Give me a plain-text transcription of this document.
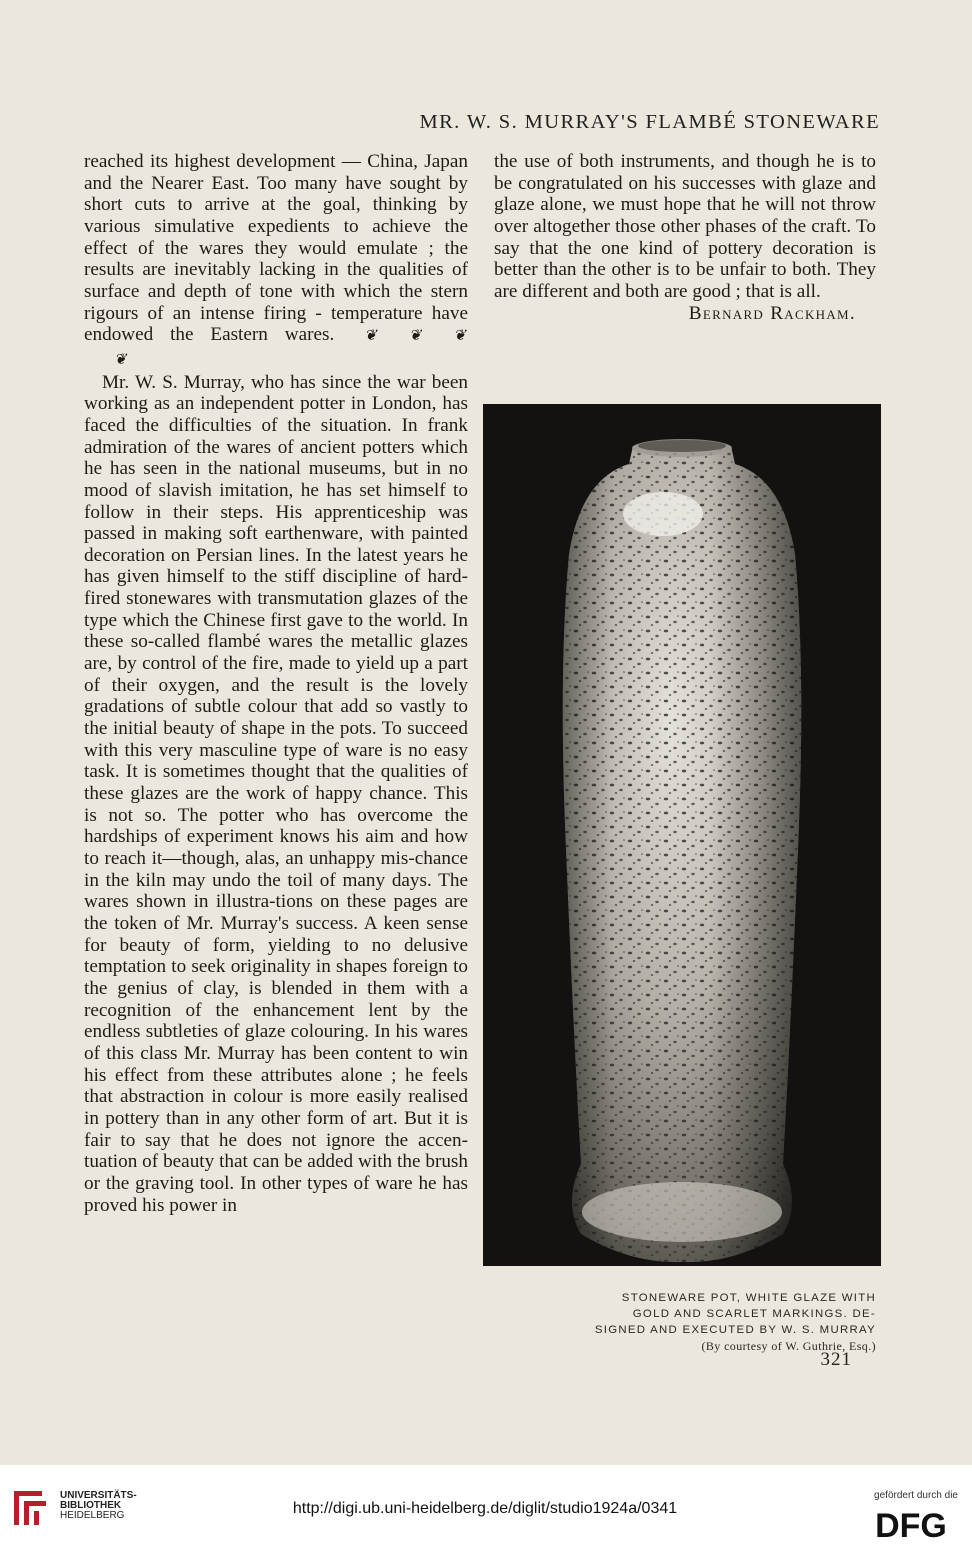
MR. W. S. MURRAY'S FLAMBÉ STONEWARE

reached its highest development — China, Japan and the Nearer East. Too many have sought by short cuts to arrive at the goal, thinking by various simulative expedients to achieve the effect of the wares they would emulate ; the results are inevitably lacking in the qualities of surface and depth of tone with which the stern rigours of an intense firing - temperature have endowed the Eastern wares. ❦ ❦ ❦❦

Mr. W. S. Murray, who has since the war been working as an independent potter in London, has faced the difficulties of the situation. In frank admiration of the wares of ancient potters which he has seen in the national museums, but in no mood of slavish imitation, he has set himself to follow in their steps. His apprenticeship was passed in making soft earthenware, with painted decoration on Persian lines. In the latest years he has given himself to the stiff discipline of hard-fired stonewares with transmutation glazes of the type which the Chinese first gave to the world. In these so-called flambé wares the metallic glazes are, by control of the fire, made to yield up a part of their oxygen, and the result is the lovely gradations of subtle colour that add so vastly to the initial beauty of shape in the pots. To succeed with this very masculine type of ware is no easy task. It is sometimes thought that the qualities of these glazes are the work of happy chance. This is not so. The potter who has overcome the hardships of experiment knows his aim and how to reach it—though, alas, an unhappy mis-chance in the kiln may undo the toil of many days. The wares shown in illustra-tions on these pages are the token of Mr. Murray's success. A keen sense for beauty of form, yielding to no delusive temptation to seek originality in shapes foreign to the genius of clay, is blended in them with a recognition of the enhancement lent by the endless subtleties of glaze colouring. In his wares of this class Mr. Murray has been content to win his effect from these attributes alone ; he feels that abstraction in colour is more easily realised in pottery than in any other form of art. But it is fair to say that he does not ignore the accen-tuation of beauty that can be added with the brush or the graving tool. In other types of ware he has proved his power in

the use of both instruments, and though he is to be congratulated on his successes with glaze and glaze alone, we must hope that he will not throw over altogether those other phases of the craft. To say that the one kind of pottery decoration is better than the other is to be unfair to both. They are different and both are good ; that is all.

Bernard Rackham.

STONEWARE POT, WHITE GLAZE WITH
GOLD AND SCARLET MARKINGS. DE-
SIGNED AND EXECUTED BY W. S. MURRAY
(By courtesy of W. Guthrie, Esq.)
321
UNIVERSITÄTS-
BIBLIOTHEK
HEIDELBERG	http://digi.ub.uni-heidelberg.de/diglit/studio1924a/0341
gefördert durch die
DFG
